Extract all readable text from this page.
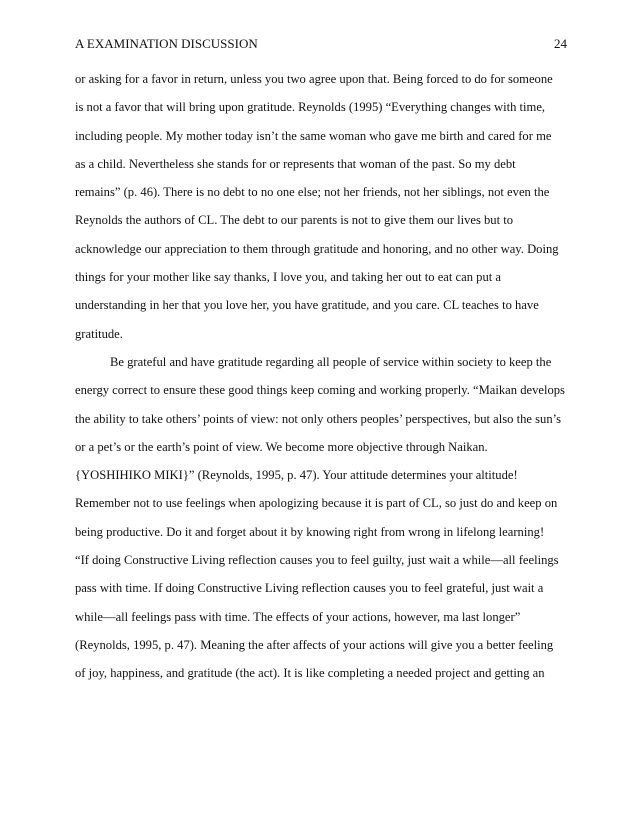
A EXAMINATION DISCUSSION	24
or asking for a favor in return, unless you two agree upon that. Being forced to do for someone
is not a favor that will bring upon gratitude. Reynolds (1995) “Everything changes with time,
including people. My mother today isn’t the same woman who gave me birth and cared for me
as a child. Nevertheless she stands for or represents that woman of the past. So my debt
remains” (p. 46). There is no debt to no one else; not her friends, not her siblings, not even the
Reynolds the authors of CL. The debt to our parents is not to give them our lives but to
acknowledge our appreciation to them through gratitude and honoring, and no other way. Doing
things for your mother like say thanks, I love you, and taking her out to eat can put a
understanding in her that you love her, you have gratitude, and you care. CL teaches to have
gratitude.
Be grateful and have gratitude regarding all people of service within society to keep the
energy correct to ensure these good things keep coming and working properly. “Maikan develops
the ability to take others’ points of view: not only others peoples’ perspectives, but also the sun’s
or a pet’s or the earth’s point of view. We become more objective through Naikan.
{YOSHIHIKO MIKI}” (Reynolds, 1995, p. 47). Your attitude determines your altitude!
Remember not to use feelings when apologizing because it is part of CL, so just do and keep on
being productive. Do it and forget about it by knowing right from wrong in lifelong learning!
“If doing Constructive Living reflection causes you to feel guilty, just wait a while—all feelings
pass with time. If doing Constructive Living reflection causes you to feel grateful, just wait a
while—all feelings pass with time. The effects of your actions, however, ma last longer”
(Reynolds, 1995, p. 47). Meaning the after affects of your actions will give you a better feeling
of joy, happiness, and gratitude (the act). It is like completing a needed project and getting an
